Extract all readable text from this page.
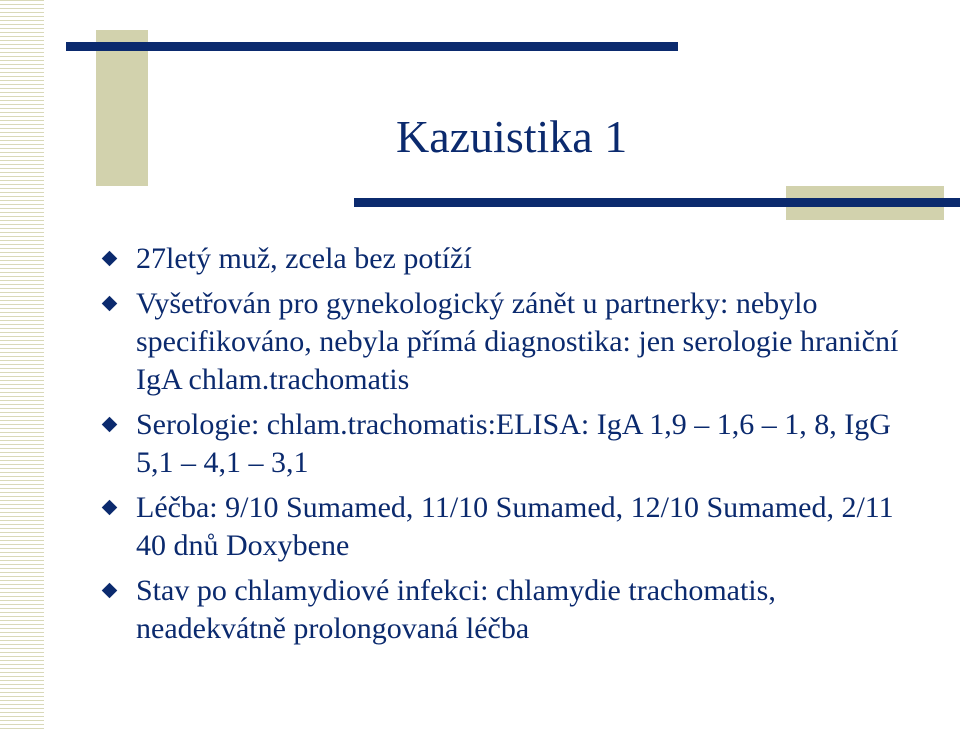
Kazuistika 1
27letý muž, zcela bez potíží
Vyšetřován pro gynekologický zánět u partnerky: nebylo specifikováno, nebyla přímá diagnostika: jen serologie hraniční IgA chlam.trachomatis
Serologie: chlam.trachomatis:ELISA: IgA 1,9 – 1,6 – 1, 8, IgG 5,1 – 4,1 – 3,1
Léčba: 9/10 Sumamed, 11/10 Sumamed, 12/10 Sumamed, 2/11 40 dnů Doxybene
Stav po chlamydiové infekci: chlamydie trachomatis, neadekvátně prolongovaná léčba
